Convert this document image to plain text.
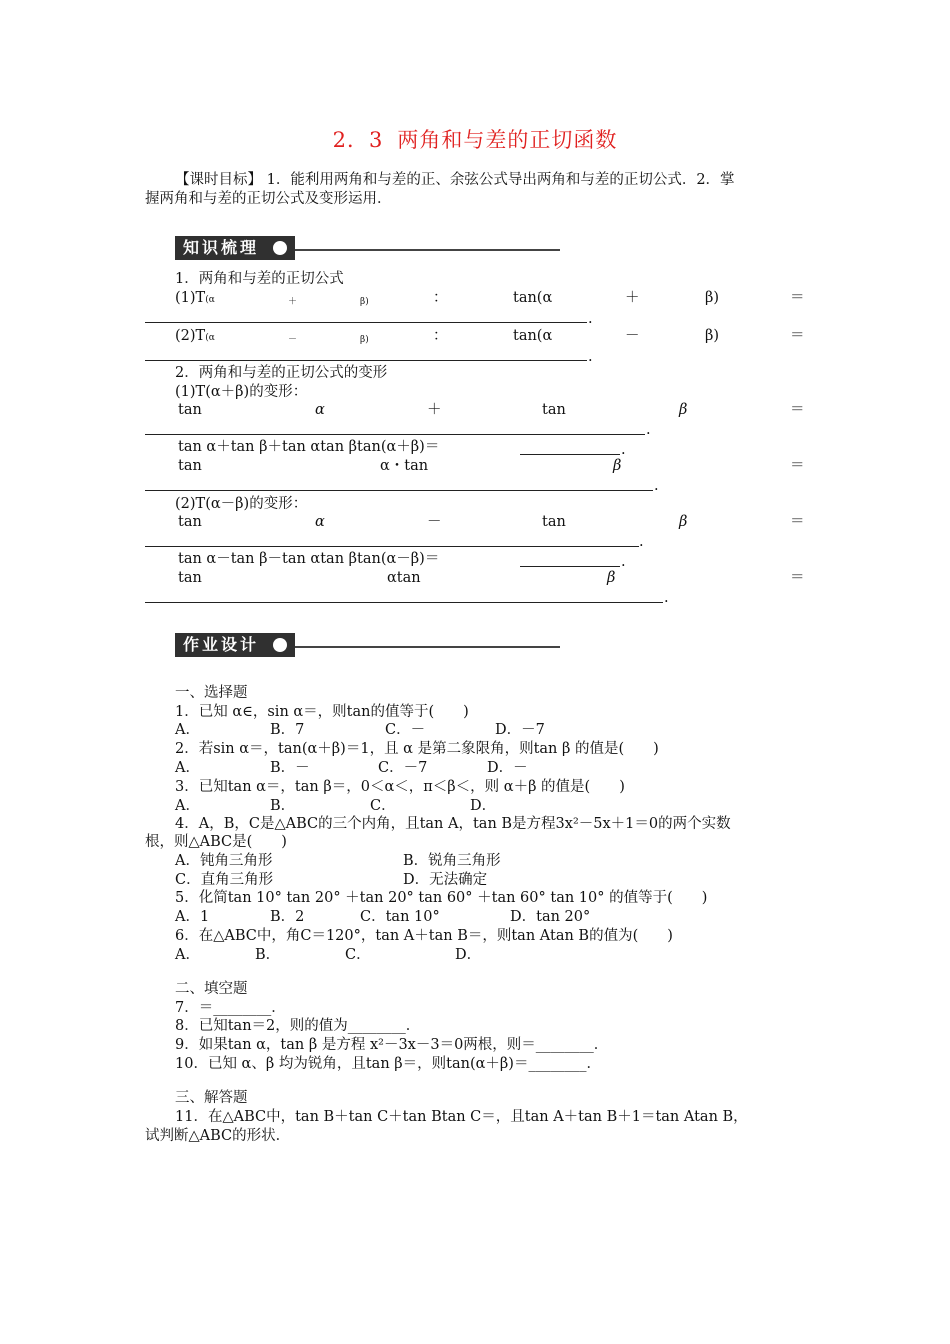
2．3 两角和与差的正切函数
【课时目标】 1．能利用两角和与差的正、余弦公式导出两角和与差的正切公式．2．掌
握两角和与差的正切公式及变形运用．
知识梳理
1．两角和与差的正切公式
(1)T(α	＋	β)	：	tan(α	＋	β)	＝
.
(2)T(α	－	β)	：	tan(α	－	β)	＝
.
2．两角和与差的正切公式的变形
(1)T(α＋β)的变形：
tan	α	＋	tan	β	＝
.
tan α＋tan β＋tan αtan βtan(α＋β)＝	.
tan	α・tan	β	＝
.
(2)T(α－β)的变形：
tan	α	－	tan	β	＝
.
tan α－tan β－tan αtan βtan(α－β)＝	.
tan	αtan	β	＝
.
作业设计
一、选择题
1．已知 α∈，sin α＝，则tan的值等于(　　)
A．	B．7	C．－	D．－7
2．若sin α＝，tan(α＋β)＝1，且 α 是第二象限角，则tan β 的值是(　　)
A．	B．－	C．－7	D．－
3．已知tan α＝，tan β＝，0＜α＜，π＜β＜，则 α＋β 的值是(　　)
A．	B．	C．	D．
4．A，B，C是△ABC的三个内角，且tan A，tan B是方程3x²－5x＋1＝0的两个实数
根，则△ABC是(　　)
A．钝角三角形	B．锐角三角形
C．直角三角形	D．无法确定
5．化简tan 10° tan 20° ＋tan 20° tan 60° ＋tan 60° tan 10° 的值等于(　　)
A．1	B．2	C．tan 10°	D．tan 20°
6．在△ABC中，角C＝120°，tan A＋tan B＝，则tan Atan B的值为(　　)
A．	B．	C．	D．
二、填空题
7．＝________．
8．已知tan＝2，则的值为________．
9．如果tan α，tan β 是方程 x²－3x－3＝0两根，则＝________．
10．已知 α、β 均为锐角，且tan β＝，则tan(α＋β)＝________．
三、解答题
11．在△ABC中，tan B＋tan C＋tan Btan C＝，且tan A＋tan B＋1＝tan Atan B，
试判断△ABC的形状．
